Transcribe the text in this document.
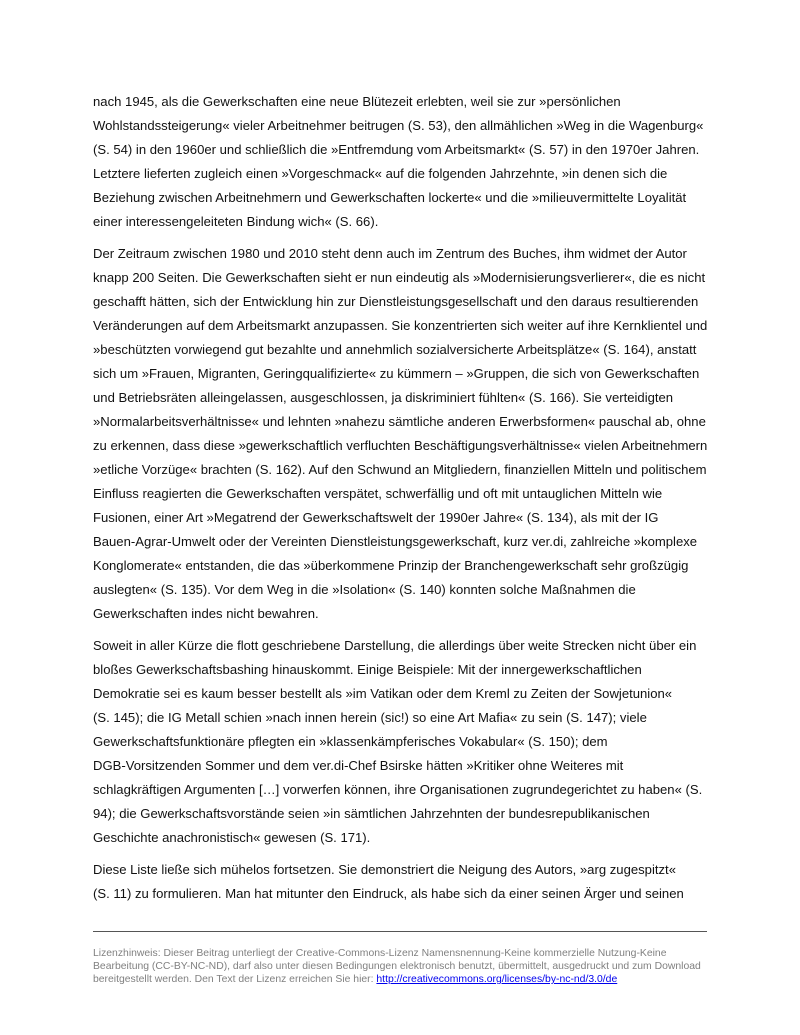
nach 1945, als die Gewerkschaften eine neue Blütezeit erlebten, weil sie zur »persönlichen
Wohlstandssteigerung« vieler Arbeitnehmer beitrugen (S. 53), den allmählichen »Weg in die Wagenburg«
(S. 54) in den 1960er und schließlich die »Entfremdung vom Arbeitsmarkt« (S. 57) in den 1970er Jahren.
Letztere lieferten zugleich einen »Vorgeschmack« auf die folgenden Jahrzehnte, »in denen sich die
Beziehung zwischen Arbeitnehmern und Gewerkschaften lockerte« und die »milieuvermittelte Loyalität
einer interessengeleiteten Bindung wich« (S. 66).

Der Zeitraum zwischen 1980 und 2010 steht denn auch im Zentrum des Buches, ihm widmet der Autor
knapp 200 Seiten. Die Gewerkschaften sieht er nun eindeutig als »Modernisierungsverlierer«, die es nicht
geschafft hätten, sich der Entwicklung hin zur Dienstleistungsgesellschaft und den daraus resultierenden
Veränderungen auf dem Arbeitsmarkt anzupassen. Sie konzentrierten sich weiter auf ihre Kernklientel und
»beschützten vorwiegend gut bezahlte und annehmlich sozialversicherte Arbeitsplätze« (S. 164), anstatt
sich um »Frauen, Migranten, Geringqualifizierte« zu kümmern – »Gruppen, die sich von Gewerkschaften
und Betriebsräten alleingelassen, ausgeschlossen, ja diskriminiert fühlten« (S. 166). Sie verteidigten
»Normalarbeitsverhältnisse« und lehnten »nahezu sämtliche anderen Erwerbsformen« pauschal ab, ohne
zu erkennen, dass diese »gewerkschaftlich verfluchten Beschäftigungsverhältnisse« vielen Arbeitnehmern
»etliche Vorzüge« brachten (S. 162). Auf den Schwund an Mitgliedern, finanziellen Mitteln und politischem
Einfluss reagierten die Gewerkschaften verspätet, schwerfällig und oft mit untauglichen Mitteln wie
Fusionen, einer Art »Megatrend der Gewerkschaftswelt der 1990er Jahre« (S. 134), als mit der IG
Bauen-Agrar-Umwelt oder der Vereinten Dienstleistungsgewerkschaft, kurz ver.di, zahlreiche »komplexe
Konglomerate« entstanden, die das »überkommene Prinzip der Branchengewerkschaft sehr großzügig
auslegten« (S. 135). Vor dem Weg in die »Isolation« (S. 140) konnten solche Maßnahmen die
Gewerkschaften indes nicht bewahren.

Soweit in aller Kürze die flott geschriebene Darstellung, die allerdings über weite Strecken nicht über ein
bloßes Gewerkschaftsbashing hinauskommt. Einige Beispiele: Mit der innergewerkschaftlichen
Demokratie sei es kaum besser bestellt als »im Vatikan oder dem Kreml zu Zeiten der Sowjetunion«
(S. 145); die IG Metall schien »nach innen herein (sic!) so eine Art Mafia« zu sein (S. 147); viele
Gewerkschaftsfunktionäre pflegten ein »klassenkämpferisches Vokabular« (S. 150); dem
DGB-Vorsitzenden Sommer und dem ver.di-Chef Bsirske hätten »Kritiker ohne Weiteres mit
schlagkräftigen Argumenten […] vorwerfen können, ihre Organisationen zugrundegerichtet zu haben« (S.
94); die Gewerkschaftsvorstände seien »in sämtlichen Jahrzehnten der bundesrepublikanischen
Geschichte anachronistisch« gewesen (S. 171).

Diese Liste ließe sich mühelos fortsetzen. Sie demonstriert die Neigung des Autors, »arg zugespitzt«
(S. 11) zu formulieren. Man hat mitunter den Eindruck, als habe sich da einer seinen Ärger und seinen

Lizenzhinweis: Dieser Beitrag unterliegt der Creative-Commons-Lizenz Namensnennung-Keine kommerzielle Nutzung-Keine
Bearbeitung (CC-BY-NC-ND), darf also unter diesen Bedingungen elektronisch benutzt, übermittelt, ausgedruckt und zum Download
bereitgestellt werden. Den Text der Lizenz erreichen Sie hier: http://creativecommons.org/licenses/by-nc-nd/3.0/de
